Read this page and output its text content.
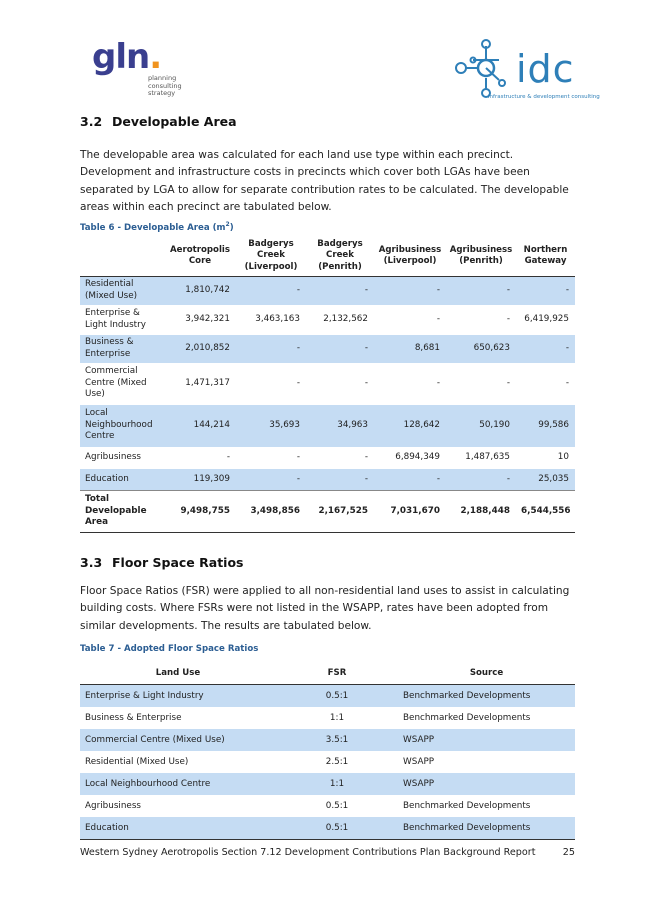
gln.
planning
consulting
strategy
idc
infrastructure & development consulting
3.2 Developable Area
The developable area was calculated for each land use type within each precinct. Development and infrastructure costs in precincts which cover both LGAs have been separated by LGA to allow for separate contribution rates to be calculated. The developable areas within each precinct are tabulated below.
Table 6 - Developable Area $(m^2)$
	Aerotropolis Core	Badgerys Creek (Liverpool)	Badgerys Creek (Penrith)	Agribusiness (Liverpool)	Agribusiness (Penrith)	Northern Gateway
Residential (Mixed Use)	1,810,742	-	-	-	-	-
Enterprise & Light Industry	3,942,321	3,463,163	2,132,562	-	-	6,419,925
Business & Enterprise	2,010,852	-	-	8,681	650,623	-
Commercial Centre (Mixed Use)	1,471,317	-	-	-	-	-
Local Neighbourhood Centre	144,214	35,693	34,963	128,642	50,190	99,586
Agribusiness	-	-	-	6,894,349	1,487,635	10
Education	119,309	-	-	-	-	25,035
Total Developable Area	9,498,755	3,498,856	2,167,525	7,031,670	2,188,448	6,544,556
3.3 Floor Space Ratios
Floor Space Ratios (FSR) were applied to all non-residential land uses to assist in calculating building costs. Where FSRs were not listed in the WSAPP, rates have been adopted from similar developments. The results are tabulated below.
Table 7 - Adopted Floor Space Ratios
Land Use	FSR	Source
Enterprise & Light Industry	0.5:1	Benchmarked Developments
Business & Enterprise	1:1	Benchmarked Developments
Commercial Centre (Mixed Use)	3.5:1	WSAPP
Residential (Mixed Use)	2.5:1	WSAPP
Local Neighbourhood Centre	1:1	WSAPP
Agribusiness	0.5:1	Benchmarked Developments
Education	0.5:1	Benchmarked Developments
Western Sydney Aerotropolis Section 7.12 Development Contributions Plan Background Report	25
